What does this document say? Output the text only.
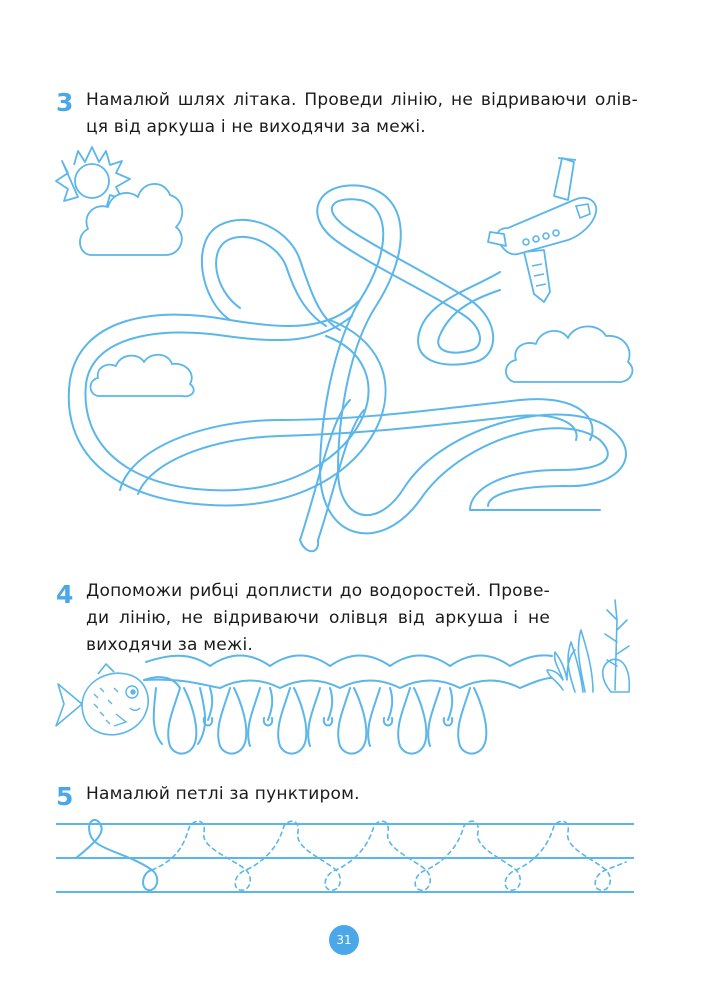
3 Намалюй шлях літака. Проведи лінію, не відриваючи олів-
ця від аркуша і не виходячи за межі.
4 Допоможи рибці доплисти до водоростей. Прове-
ди лінію, не відриваючи олівця від аркуша і не
виходячи за межі.
5 Намалюй петлі за пунктиром.
31
